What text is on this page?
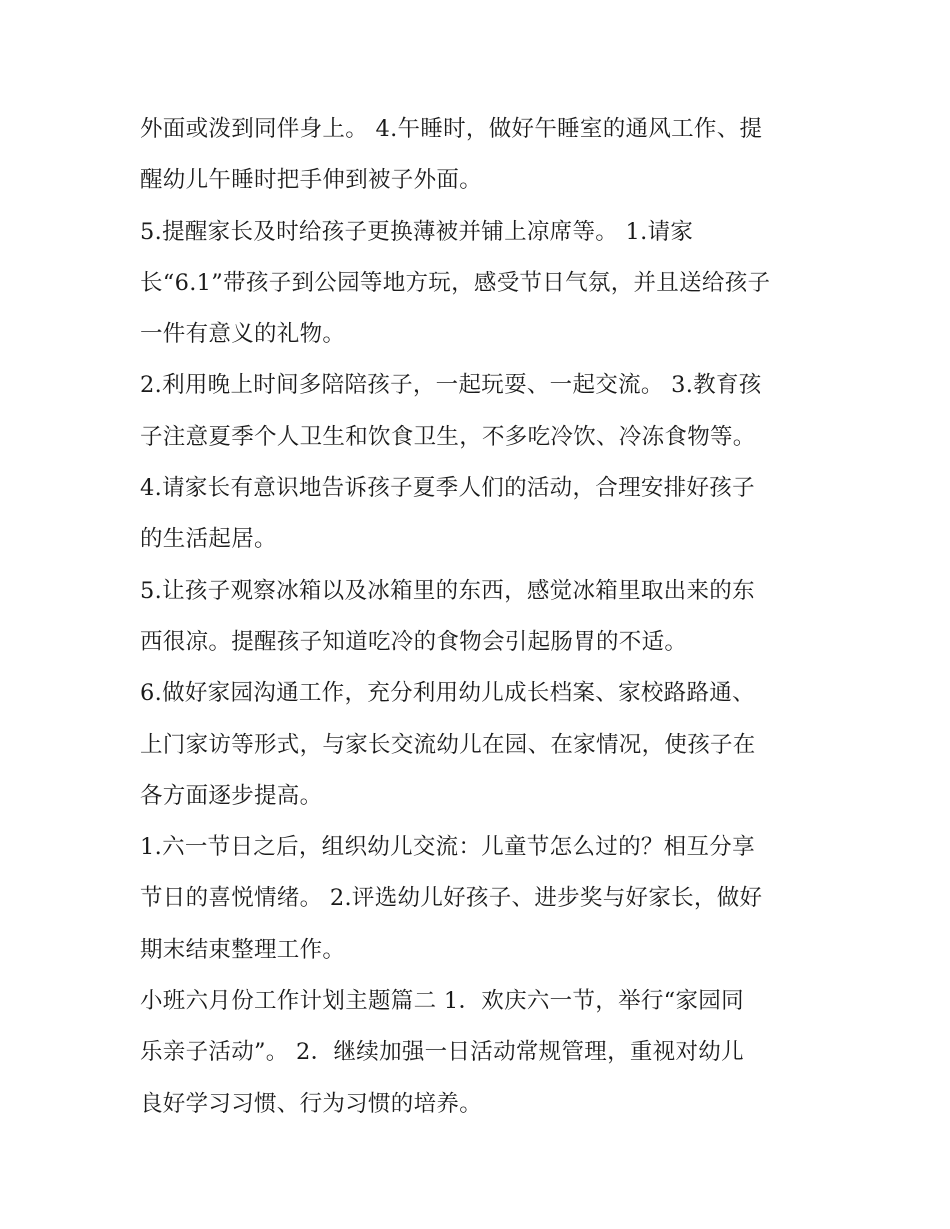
外面或泼到同伴身上。 4.午睡时，做好午睡室的通风工作、提
醒幼儿午睡时把手伸到被子外面。
5.提醒家长及时给孩子更换薄被并铺上凉席等。 1.请家
长“6.1”带孩子到公园等地方玩，感受节日气氛，并且送给孩子
一件有意义的礼物。
2.利用晚上时间多陪陪孩子，一起玩耍、一起交流。 3.教育孩
子注意夏季个人卫生和饮食卫生，不多吃冷饮、冷冻食物等。
4.请家长有意识地告诉孩子夏季人们的活动，合理安排好孩子
的生活起居。
5.让孩子观察冰箱以及冰箱里的东西，感觉冰箱里取出来的东
西很凉。提醒孩子知道吃冷的食物会引起肠胃的不适。
6.做好家园沟通工作，充分利用幼儿成长档案、家校路路通、
上门家访等形式，与家长交流幼儿在园、在家情况，使孩子在
各方面逐步提高。
1.六一节日之后，组织幼儿交流：儿童节怎么过的？相互分享
节日的喜悦情绪。 2.评选幼儿好孩子、进步奖与好家长，做好
期末结束整理工作。
小班六月份工作计划主题篇二 1．欢庆六一节，举行“家园同
乐亲子活动”。 2．继续加强一日活动常规管理，重视对幼儿
良好学习习惯、行为习惯的培养。
